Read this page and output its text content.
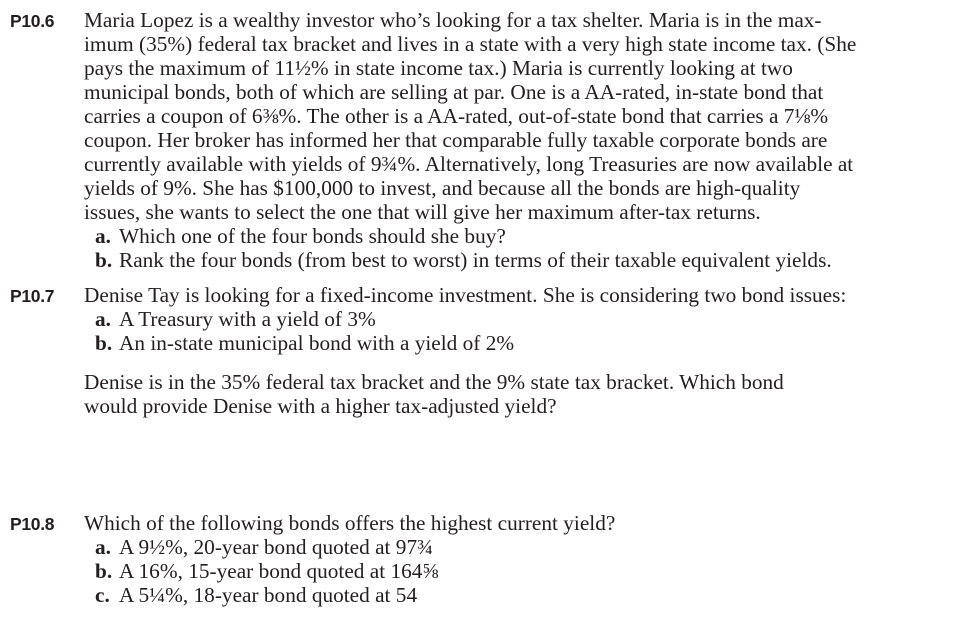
P10.6 Maria Lopez is a wealthy investor who’s looking for a tax shelter. Maria is in the max-
imum (35%) federal tax bracket and lives in a state with a very high state income tax. (She
pays the maximum of 11½% in state income tax.) Maria is currently looking at two
municipal bonds, both of which are selling at par. One is a AA-rated, in-state bond that
carries a coupon of 6⅜%. The other is a AA-rated, out-of-state bond that carries a 7⅛%
coupon. Her broker has informed her that comparable fully taxable corporate bonds are
currently available with yields of 9¾%. Alternatively, long Treasuries are now available at
yields of 9%. She has $100,000 to invest, and because all the bonds are high-quality
issues, she wants to select the one that will give her maximum after-tax returns.
a. Which one of the four bonds should she buy?
b. Rank the four bonds (from best to worst) in terms of their taxable equivalent yields.
P10.7 Denise Tay is looking for a fixed-income investment. She is considering two bond issues:
a. A Treasury with a yield of 3%
b. An in-state municipal bond with a yield of 2%
Denise is in the 35% federal tax bracket and the 9% state tax bracket. Which bond
would provide Denise with a higher tax-adjusted yield?
P10.8 Which of the following bonds offers the highest current yield?
a. A 9½%, 20-year bond quoted at 97¾
b. A 16%, 15-year bond quoted at 164⅝
c. A 5¼%, 18-year bond quoted at 54
